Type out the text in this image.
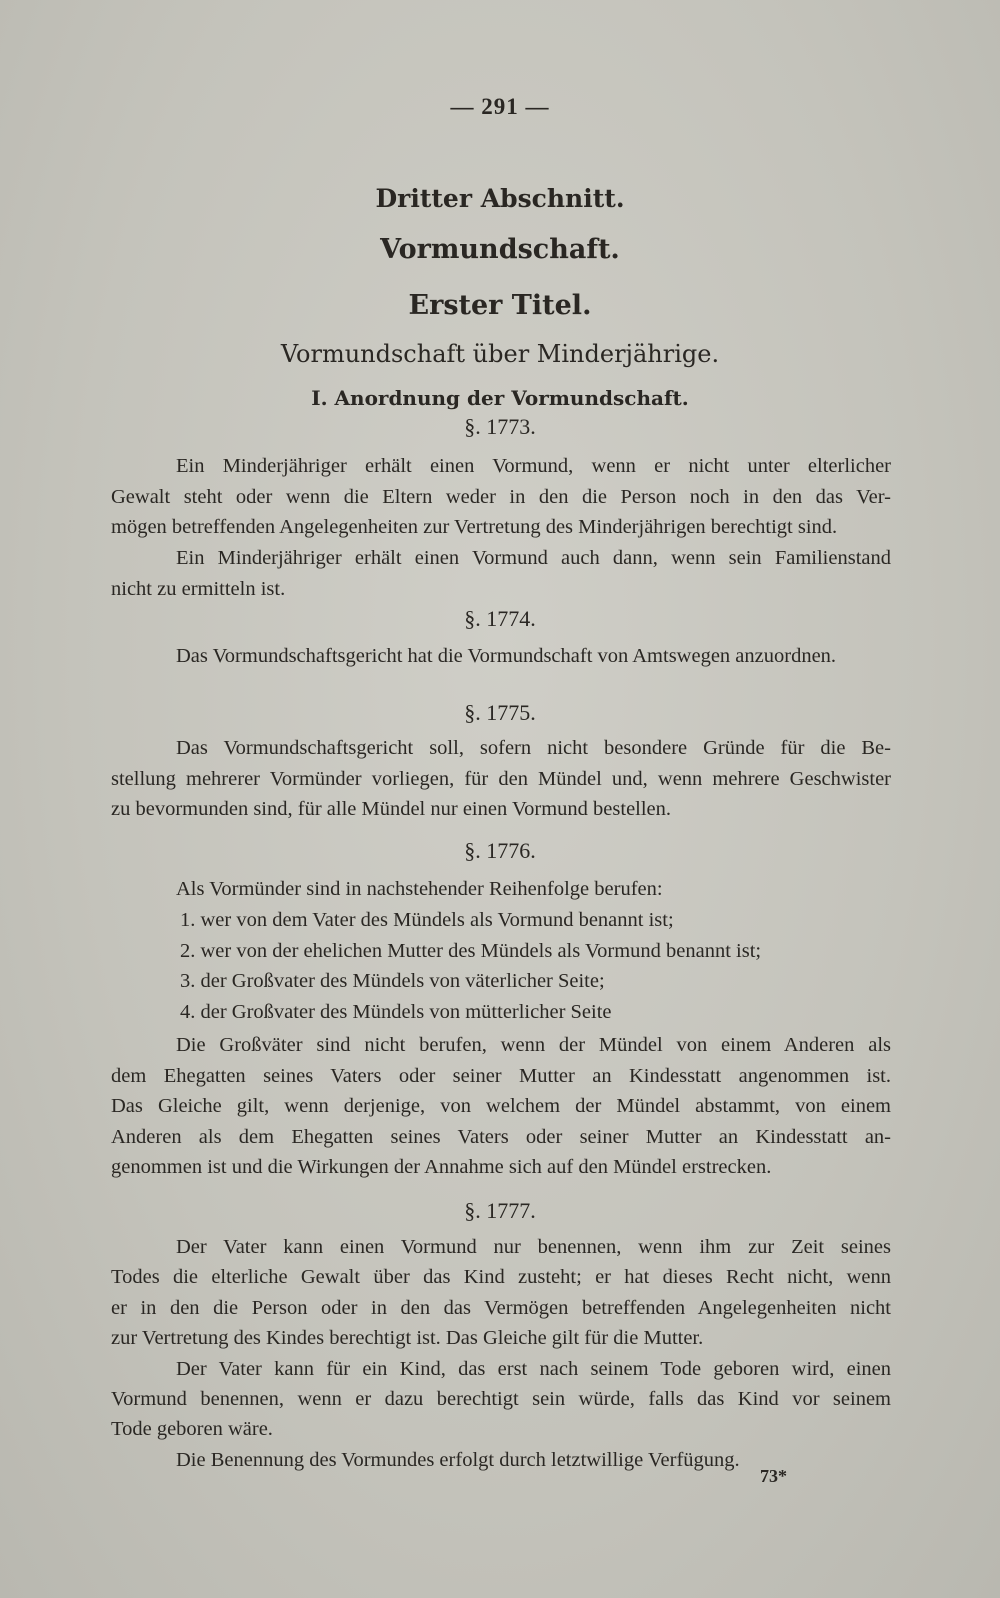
— 291 —
Dritter Abschnitt.
Vormundschaft.
Erster Titel.
Vormundschaft über Minderjährige.
I. Anordnung der Vormundschaft.
§. 1773.
Ein Minderjähriger erhält einen Vormund, wenn er nicht unter elterlicher
Gewalt steht oder wenn die Eltern weder in den die Person noch in den das Ver-
mögen betreffenden Angelegenheiten zur Vertretung des Minderjährigen berechtigt sind.
Ein Minderjähriger erhält einen Vormund auch dann, wenn sein Familienstand
nicht zu ermitteln ist.
§. 1774.
Das Vormundschaftsgericht hat die Vormundschaft von Amtswegen anzuordnen.
§. 1775.
Das Vormundschaftsgericht soll, sofern nicht besondere Gründe für die Be-
stellung mehrerer Vormünder vorliegen, für den Mündel und, wenn mehrere Geschwister
zu bevormunden sind, für alle Mündel nur einen Vormund bestellen.
§. 1776.
Als Vormünder sind in nachstehender Reihenfolge berufen:
1. wer von dem Vater des Mündels als Vormund benannt ist;
2. wer von der ehelichen Mutter des Mündels als Vormund benannt ist;
3. der Großvater des Mündels von väterlicher Seite;
4. der Großvater des Mündels von mütterlicher Seite
Die Großväter sind nicht berufen, wenn der Mündel von einem Anderen als
dem Ehegatten seines Vaters oder seiner Mutter an Kindesstatt angenommen ist.
Das Gleiche gilt, wenn derjenige, von welchem der Mündel abstammt, von einem
Anderen als dem Ehegatten seines Vaters oder seiner Mutter an Kindesstatt an-
genommen ist und die Wirkungen der Annahme sich auf den Mündel erstrecken.
§. 1777.
Der Vater kann einen Vormund nur benennen, wenn ihm zur Zeit seines
Todes die elterliche Gewalt über das Kind zusteht; er hat dieses Recht nicht, wenn
er in den die Person oder in den das Vermögen betreffenden Angelegenheiten nicht
zur Vertretung des Kindes berechtigt ist. Das Gleiche gilt für die Mutter.
Der Vater kann für ein Kind, das erst nach seinem Tode geboren wird, einen
Vormund benennen, wenn er dazu berechtigt sein würde, falls das Kind vor seinem
Tode geboren wäre.
Die Benennung des Vormundes erfolgt durch letztwillige Verfügung.
73*
